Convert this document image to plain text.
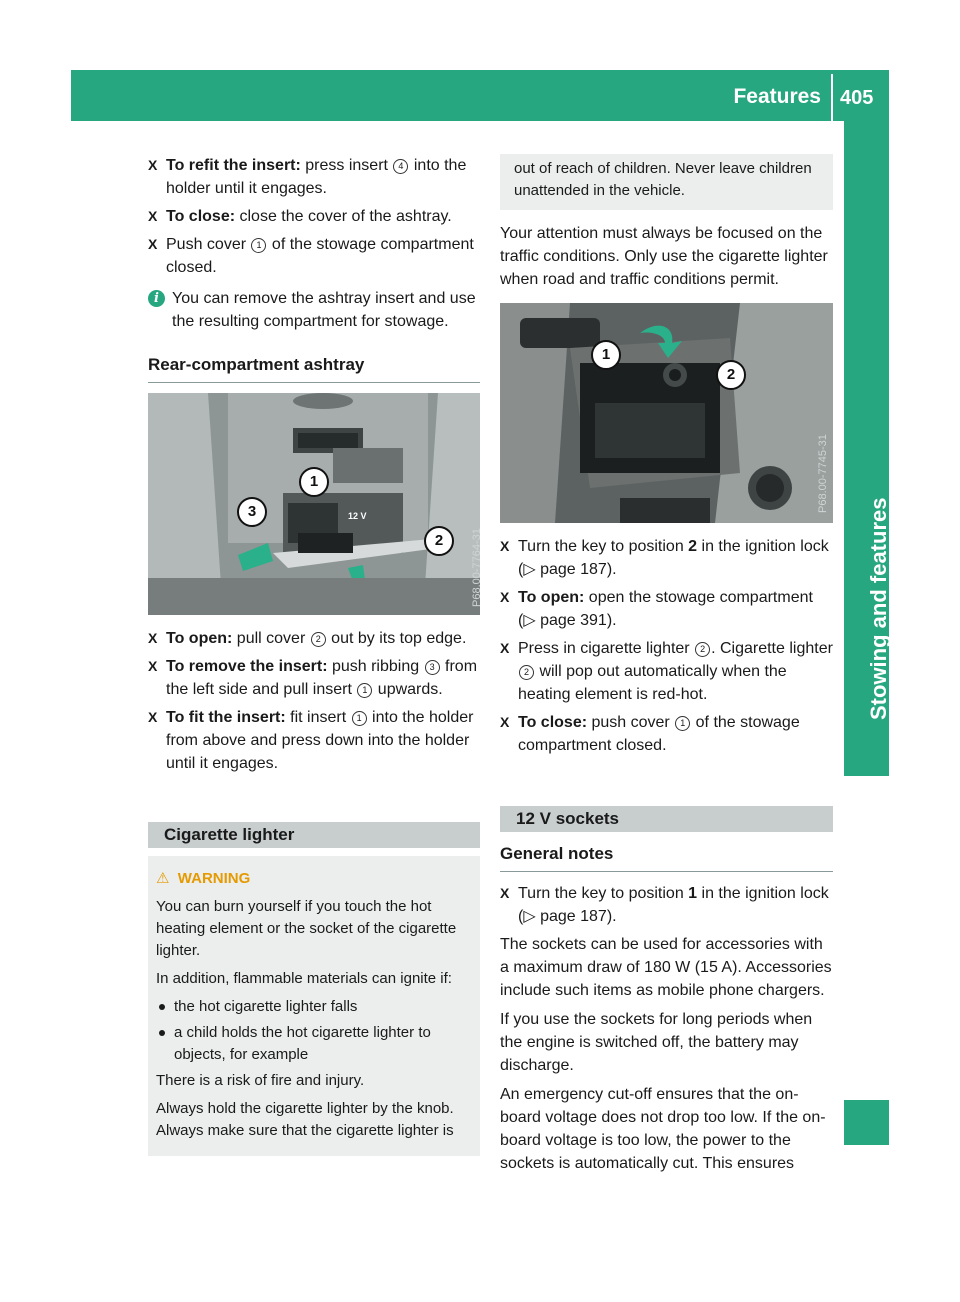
Features 405
Stowing and features
X To refit the insert: press insert 4 into the holder until it engages.
X To close: close the cover of the ashtray.
X Push cover 1 of the stowage compartment closed.
i You can remove the ashtray insert and use the resulting compartment for stowage.
Rear-compartment ashtray
1
3
2
12 V
P68.00-7764-31
X To open: pull cover 2 out by its top edge.
X To remove the insert: push ribbing 3 from the left side and pull insert 1 upwards.
X To fit the insert: fit insert 1 into the holder from above and press down into the holder until it engages.
Cigarette lighter
⚠ WARNING

You can burn yourself if you touch the hot heating element or the socket of the cigarette lighter.

In addition, flammable materials can ignite if:

the hot cigarette lighter falls
a child holds the hot cigarette lighter to objects, for example

There is a risk of fire and injury.

Always hold the cigarette lighter by the knob. Always make sure that the cigarette lighter is

out of reach of children. Never leave children unattended in the vehicle.

Your attention must always be focused on the traffic conditions. Only use the cigarette lighter when road and traffic conditions permit.

1
2
P68.00-7745-31
X Turn the key to position 2 in the ignition lock (▷ page 187).
X To open: open the stowage compartment (▷ page 391).
X Press in cigarette lighter 2 . Cigarette lighter 2 will pop out automatically when the heating element is red-hot.
X To close: push cover 1 of the stowage compartment closed.
12 V sockets
General notes
X Turn the key to position 1 in the ignition lock (▷ page 187).

The sockets can be used for accessories with a maximum draw of 180 W (15 A). Accessories include such items as mobile phone chargers.

If you use the sockets for long periods when the engine is switched off, the battery may discharge.

An emergency cut-off ensures that the on-board voltage does not drop too low. If the on-board voltage is too low, the power to the sockets is automatically cut. This ensures
